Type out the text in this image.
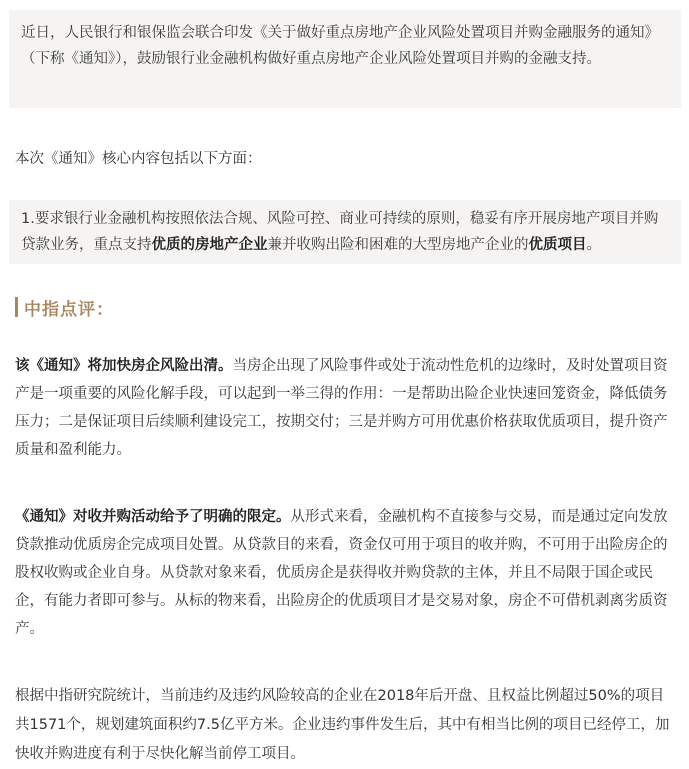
近日，人民银行和银保监会联合印发《关于做好重点房地产企业风险处置项目并购金融服务的通知》（下称《通知》），鼓励银行业金融机构做好重点房地产企业风险处置项目并购的金融支持。

本次《通知》核心内容包括以下方面：

1.要求银行业金融机构按照依法合规、风险可控、商业可持续的原则，稳妥有序开展房地产项目并购贷款业务，重点支持优质的房地产企业兼并收购出险和困难的大型房地产企业的优质项目。

中指点评：

该《通知》将加快房企风险出清。当房企出现了风险事件或处于流动性危机的边缘时，及时处置项目资产是一项重要的风险化解手段，可以起到一举三得的作用：一是帮助出险企业快速回笼资金，降低债务压力；二是保证项目后续顺利建设完工，按期交付；三是并购方可用优惠价格获取优质项目，提升资产质量和盈利能力。

《通知》对收并购活动给予了明确的限定。从形式来看，金融机构不直接参与交易，而是通过定向发放贷款推动优质房企完成项目处置。从贷款目的来看，资金仅可用于项目的收并购，不可用于出险房企的股权收购或企业自身。从贷款对象来看，优质房企是获得收并购贷款的主体，并且不局限于国企或民企，有能力者即可参与。从标的物来看，出险房企的优质项目才是交易对象，房企不可借机剥离劣质资产。

根据中指研究院统计，当前违约及违约风险较高的企业在2018年后开盘、且权益比例超过50%的项目共1571个，规划建筑面积约7.5亿平方米。企业违约事件发生后，其中有相当比例的项目已经停工，加快收并购进度有利于尽快化解当前停工项目。
